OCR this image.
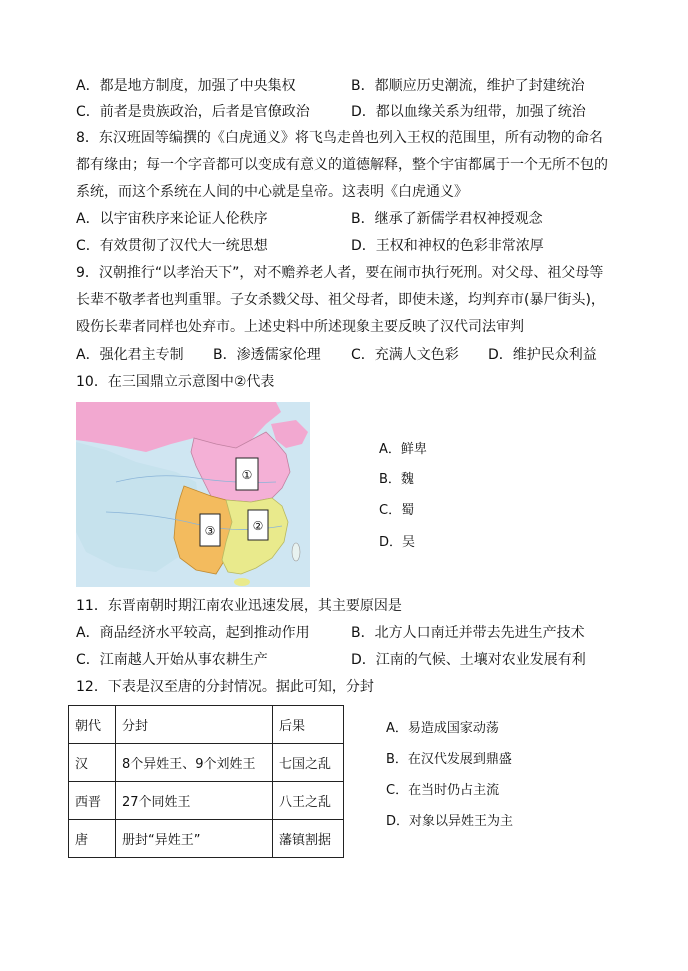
A．都是地方制度，加强了中央集权	B．都顺应历史潮流，维护了封建统治
C．前者是贵族政治，后者是官僚政治	D．都以血缘关系为纽带，加强了统治
8．东汉班固等编撰的《白虎通义》将飞鸟走兽也列入王权的范围里，所有动物的命名
都有缘由；每一个字音都可以变成有意义的道德解释，整个宇宙都属于一个无所不包的
系统，而这个系统在人间的中心就是皇帝。这表明《白虎通义》
A．以宇宙秩序来论证人伦秩序	B．继承了新儒学君权神授观念
C．有效贯彻了汉代大一统思想	D．王权和神权的色彩非常浓厚
9．汉朝推行“以孝治天下”，对不赡养老人者，要在闹市执行死刑。对父母、祖父母等
长辈不敬孝者也判重罪。子女杀戮父母、祖父母者，即使未遂，均判弃市(暴尸街头)，
殴伤长辈者同样也处弃市。上述史料中所述现象主要反映了汉代司法审判
A．强化君主专制 B．渗透儒家伦理 C．充满人文色彩 D．维护民众利益
10．在三国鼎立示意图中②代表
①
②
③
A．鲜卑
B．魏
C．蜀
D．吴
11．东晋南朝时期江南农业迅速发展，其主要原因是
A．商品经济水平较高，起到推动作用	B．北方人口南迁并带去先进生产技术
C．江南越人开始从事农耕生产	D．江南的气候、土壤对农业发展有利
12．下表是汉至唐的分封情况。据此可知，分封
朝代	分封	后果
汉	8个异姓王、9个刘姓王	七国之乱
西晋	27个同姓王	八王之乱
唐	册封“异姓王”	藩镇割据
A．易造成国家动荡
B．在汉代发展到鼎盛
C．在当时仍占主流
D．对象以异姓王为主
